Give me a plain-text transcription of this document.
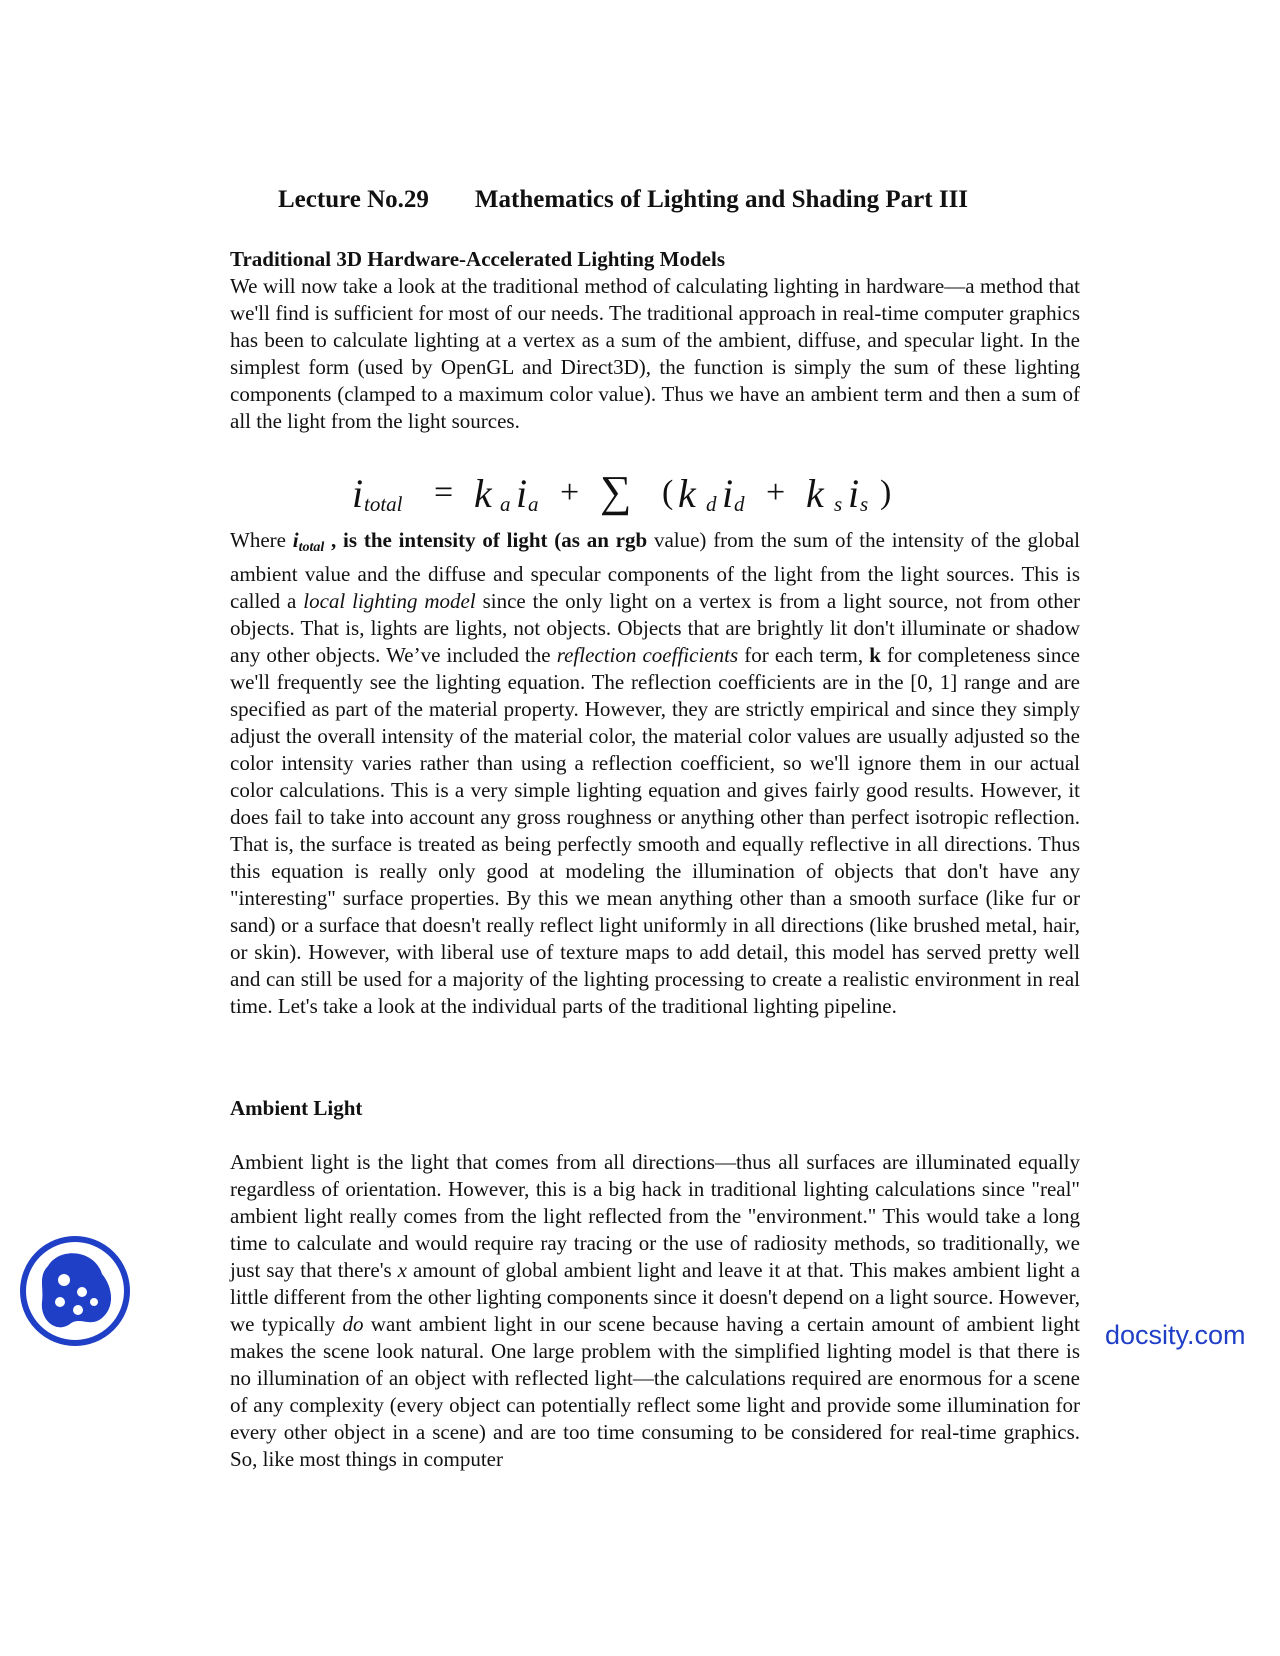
Lecture No.29 Mathematics of Lighting and Shading Part III
Traditional 3D Hardware-Accelerated Lighting Models
We will now take a look at the traditional method of calculating lighting in hardware—a method that we'll find is sufficient for most of our needs. The traditional approach in real-time computer graphics has been to calculate lighting at a vertex as a sum of the ambient, diffuse, and specular light. In the simplest form (used by OpenGL and Direct3D), the function is simply the sum of these lighting components (clamped to a maximum color value). Thus we have an ambient term and then a sum of all the light from the light sources.
i total = k a i a + ∑ ( k d i d + k s i s )
Where itotal , is the intensity of light (as an rgb value) from the sum of the intensity of the global ambient value and the diffuse and specular components of the light from the light sources. This is called a local lighting model since the only light on a vertex is from a light source, not from other objects. That is, lights are lights, not objects. Objects that are brightly lit don't illuminate or shadow any other objects. We’ve included the reflection coefficients for each term, k for completeness since we'll frequently see the lighting equation. The reflection coefficients are in the [0, 1] range and are specified as part of the material property. However, they are strictly empirical and since they simply adjust the overall intensity of the material color, the material color values are usually adjusted so the color intensity varies rather than using a reflection coefficient, so we'll ignore them in our actual color calculations. This is a very simple lighting equation and gives fairly good results. However, it does fail to take into account any gross roughness or anything other than perfect isotropic reflection. That is, the surface is treated as being perfectly smooth and equally reflective in all directions. Thus this equation is really only good at modeling the illumination of objects that don't have any "interesting" surface properties. By this we mean anything other than a smooth surface (like fur or sand) or a surface that doesn't really reflect light uniformly in all directions (like brushed metal, hair, or skin). However, with liberal use of texture maps to add detail, this model has served pretty well and can still be used for a majority of the lighting processing to create a realistic environment in real time. Let's take a look at the individual parts of the traditional lighting pipeline.
Ambient Light
Ambient light is the light that comes from all directions—thus all surfaces are illuminated equally regardless of orientation. However, this is a big hack in traditional lighting calculations since "real" ambient light really comes from the light reflected from the "environment." This would take a long time to calculate and would require ray tracing or the use of radiosity methods, so traditionally, we just say that there's x amount of global ambient light and leave it at that. This makes ambient light a little different from the other lighting components since it doesn't depend on a light source. However, we typically do want ambient light in our scene because having a certain amount of ambient light makes the scene look natural. One large problem with the simplified lighting model is that there is no illumination of an object with reflected light—the calculations required are enormous for a scene of any complexity (every object can potentially reflect some light and provide some illumination for every other object in a scene) and are too time consuming to be considered for real-time graphics. So, like most things in computer
docsity.com
